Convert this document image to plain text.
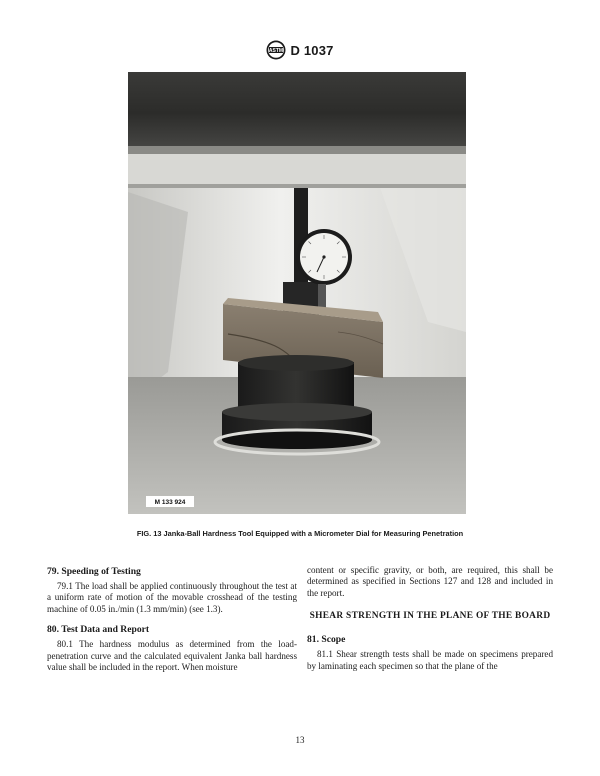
ASTM D 1037
M 133 924
FIG. 13 Janka-Ball Hardness Tool Equipped with a Micrometer Dial for Measuring Penetration

79. Speeding of Testing

79.1 The load shall be applied continuously throughout the test at a uniform rate of motion of the movable crosshead of the testing machine of 0.05 in./min (1.3 mm/min) (see 1.3).

80. Test Data and Report

80.1 The hardness modulus as determined from the load-penetration curve and the calculated equivalent Janka ball hardness value shall be included in the report. When moisture

content or specific gravity, or both, are required, this shall be determined as specified in Sections 127 and 128 and included in the report.

SHEAR STRENGTH IN THE PLANE OF THE BOARD

81. Scope

81.1 Shear strength tests shall be made on specimens prepared by laminating each specimen so that the plane of the

13
